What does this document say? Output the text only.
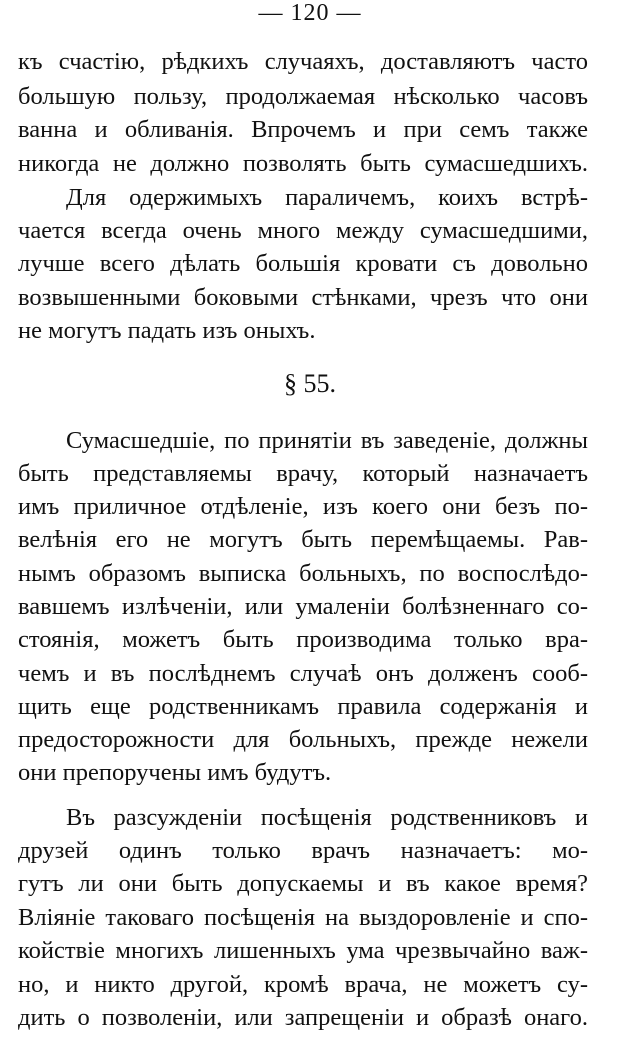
— 120 —
къ счастію, рѣдкихъ случаяхъ, доставляютъ часто
большую пользу, продолжаемая нѣсколько часовъ
ванна и обливанія. Впрочемъ и при семъ также
никогда не должно позволять быть сумасшедшихъ.
Для одержимыхъ параличемъ, коихъ встрѣ-
чается всегда очень много между сумасшедшими,
лучше всего дѣлать большія кровати съ довольно
возвышенными боковыми стѣнками, чрезъ что они
не могутъ падать изъ оныхъ.
§ 55.
Сумасшедшіе, по принятіи въ заведеніе, должны
быть представляемы врачу, который назначаетъ
имъ приличное отдѣленіе, изъ коего они безъ по-
велѣнія его не могутъ быть перемѣщаемы. Рав-
нымъ образомъ выписка больныхъ, по воспослѣдо-
вавшемъ излѣченіи, или умаленіи болѣзненнаго со-
стоянія, можетъ быть производима только вра-
чемъ и въ послѣднемъ случаѣ онъ долженъ сооб-
щить еще родственникамъ правила содержанія и
предосторожности для больныхъ, прежде нежели
они препоручены имъ будутъ.
Въ разсужденіи посѣщенія родственниковъ и
друзей одинъ только врачъ назначаетъ: мо-
гутъ ли они быть допускаемы и въ какое время?
Вліяніе таковаго посѣщенія на выздоровленіе и спо-
койствіе многихъ лишенныхъ ума чрезвычайно важ-
но, и никто другой, кромѣ врача, не можетъ су-
дить о позволеніи, или запрещеніи и образѣ онаго.
